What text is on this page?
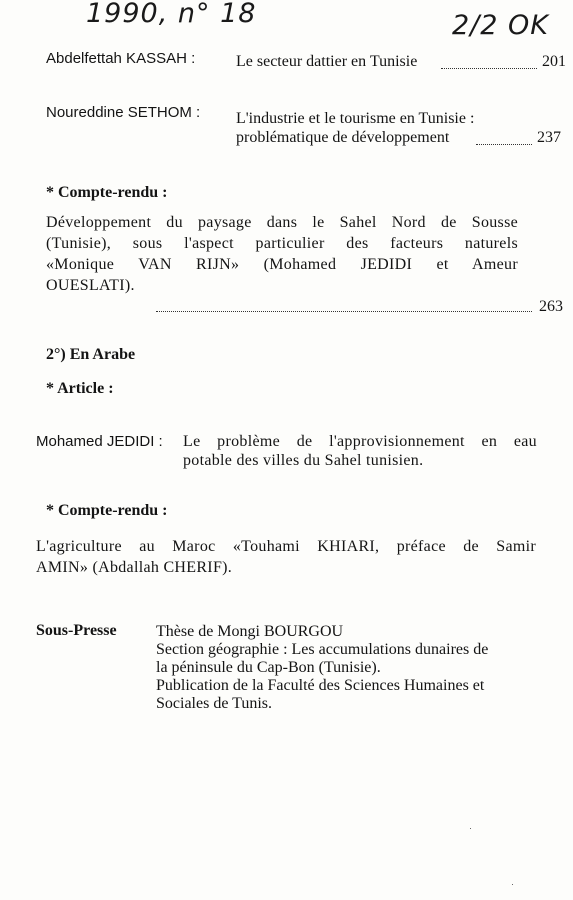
1990, n° 18	2/2 OK
Abdelfettah KASSAH :	Le secteur dattier en Tunisie	201
Noureddine SETHOM : L'industrie et le tourisme en Tunisie :
problématique de développement	237
* Compte-rendu :
Développement du paysage dans le Sahel Nord de Sousse
(Tunisie), sous l'aspect particulier des facteurs naturels
«Monique VAN RIJN» (Mohamed JEDIDI et Ameur
OUESLATI).
263
2°) En Arabe
* Article :
Mohamed JEDIDI : Le problème de l'approvisionnement en eau
potable des villes du Sahel tunisien.
* Compte-rendu :
L'agriculture au Maroc «Touhami KHIARI, préface de Samir
AMIN» (Abdallah CHERIF).
Sous-Presse Thèse de Mongi BOURGOU
Section géographie : Les accumulations dunaires de
la péninsule du Cap-Bon (Tunisie).
Publication de la Faculté des Sciences Humaines et
Sociales de Tunis.
